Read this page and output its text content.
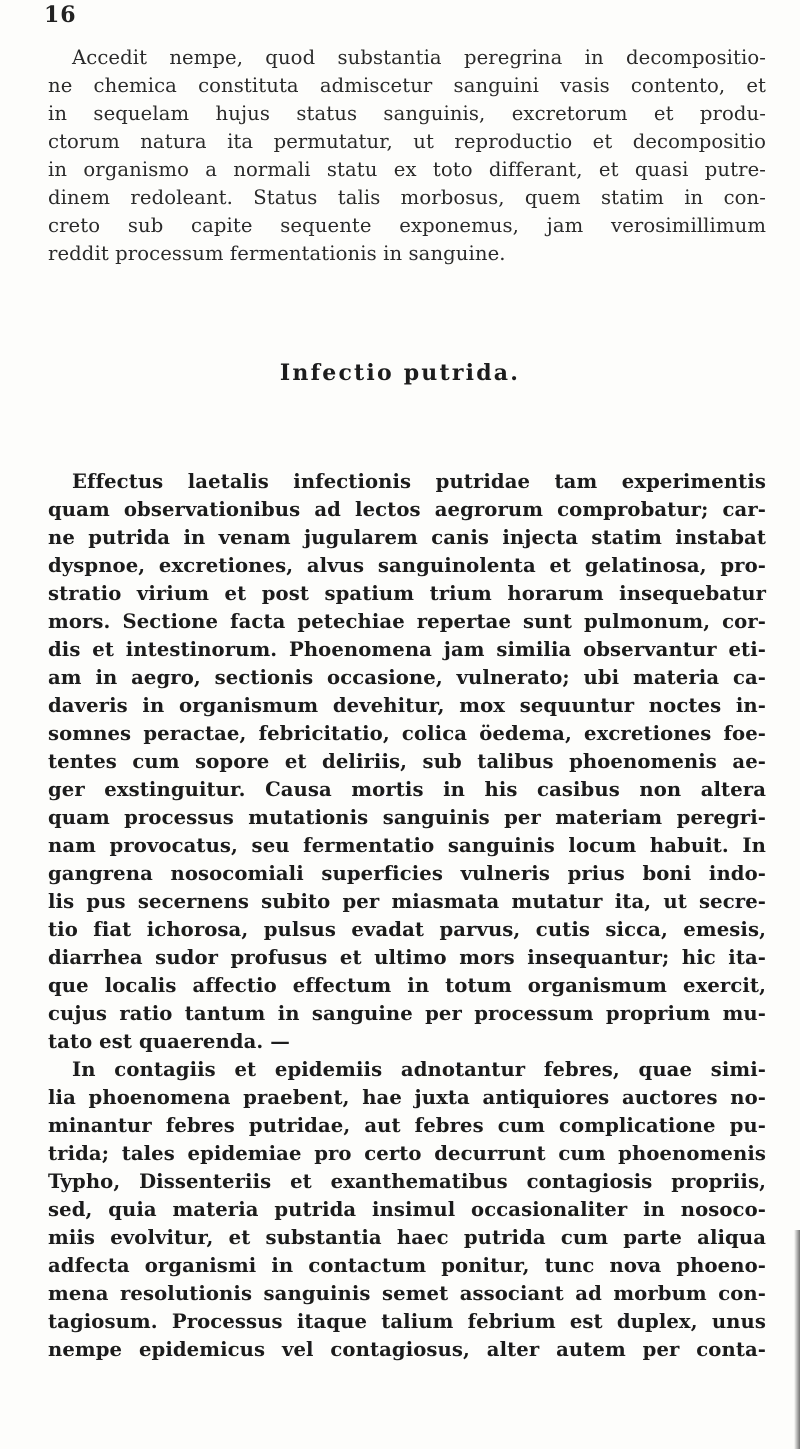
16
Accedit nempe, quod substantia peregrina in decompositio-
ne chemica constituta admiscetur sanguini vasis contento, et
in sequelam hujus status sanguinis, excretorum et produ-
ctorum natura ita permutatur, ut reproductio et decompositio
in organismo a normali statu ex toto differant, et quasi putre-
dinem redoleant. Status talis morbosus, quem statim in con-
creto sub capite sequente exponemus, jam verosimillimum
reddit processum fermentationis in sanguine.
Infectio putrida.
Effectus laetalis infectionis putridae tam experimentis
quam observationibus ad lectos aegrorum comprobatur; car-
ne putrida in venam jugularem canis injecta statim instabat
dyspnoe, excretiones, alvus sanguinolenta et gelatinosa, pro-
stratio virium et post spatium trium horarum insequebatur
mors. Sectione facta petechiae repertae sunt pulmonum, cor-
dis et intestinorum. Phoenomena jam similia observantur eti-
am in aegro, sectionis occasione, vulnerato; ubi materia ca-
daveris in organismum devehitur, mox sequuntur noctes in-
somnes peractae, febricitatio, colica öedema, excretiones foe-
tentes cum sopore et deliriis, sub talibus phoenomenis ae-
ger exstinguitur. Causa mortis in his casibus non altera
quam processus mutationis sanguinis per materiam peregri-
nam provocatus, seu fermentatio sanguinis locum habuit. In
gangrena nosocomiali superficies vulneris prius boni indo-
lis pus secernens subito per miasmata mutatur ita, ut secre-
tio fiat ichorosa, pulsus evadat parvus, cutis sicca, emesis,
diarrhea sudor profusus et ultimo mors insequantur; hic ita-
que localis affectio effectum in totum organismum exercit,
cujus ratio tantum in sanguine per processum proprium mu-
tato est quaerenda. —
In contagiis et epidemiis adnotantur febres, quae simi-
lia phoenomena praebent, hae juxta antiquiores auctores no-
minantur febres putridae, aut febres cum complicatione pu-
trida; tales epidemiae pro certo decurrunt cum phoenomenis
Typho, Dissenteriis et exanthematibus contagiosis propriis,
sed, quia materia putrida insimul occasionaliter in nosoco-
miis evolvitur, et substantia haec putrida cum parte aliqua
adfecta organismi in contactum ponitur, tunc nova phoeno-
mena resolutionis sanguinis semet associant ad morbum con-
tagiosum. Processus itaque talium febrium est duplex, unus
nempe epidemicus vel contagiosus, alter autem per conta-
